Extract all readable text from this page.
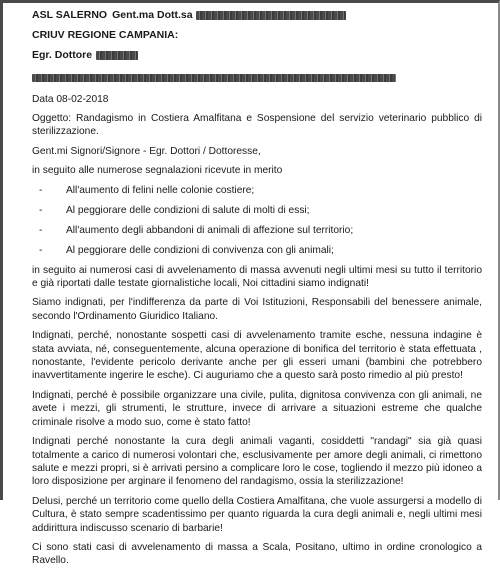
ASL SALERNO Gent.ma Dott.sa
CRIUV REGIONE CAMPANIA:
Egr. Dottore
Data 08-02-2018

Oggetto: Randagismo in Costiera Amalfitana e Sospensione del servizio veterinario pubblico di sterilizzazione.

Gent.mi Signori/Signore - Egr. Dottori / Dottoresse,

in seguito alle numerose segnalazioni ricevute in merito

- All'aumento di felini nelle colonie costiere;
- Al peggiorare delle condizioni di salute di molti di essi;
- All'aumento degli abbandoni di animali di affezione sul territorio;
- Al peggiorare delle condizioni di convivenza con gli animali;

in seguito ai numerosi casi di avvelenamento di massa avvenuti negli ultimi mesi su tutto il territorio e già riportati dalle testate giornalistiche locali, Noi cittadini siamo indignati!

Siamo indignati, per l'indifferenza da parte di Voi Istituzioni, Responsabili del benessere animale, secondo l'Ordinamento Giuridico Italiano.

Indignati, perché, nonostante sospetti casi di avvelenamento tramite esche, nessuna indagine è stata avviata, né, conseguentemente, alcuna operazione di bonifica del territorio è stata effettuata , nonostante, l'evidente pericolo derivante anche per gli esseri umani (bambini che potrebbero inavvertitamente ingerire le esche). Ci auguriamo che a questo sarà posto rimedio al più presto!

Indignati, perché è possibile organizzare una civile, pulita, dignitosa convivenza con gli animali, ne avete i mezzi, gli strumenti, le strutture, invece di arrivare a situazioni estreme che qualche criminale risolve a modo suo, come è stato fatto!

Indignati perché nonostante la cura degli animali vaganti, cosiddetti "randagi" sia già quasi totalmente a carico di numerosi volontari che, esclusivamente per amore degli animali, ci rimettono salute e mezzi propri, si è arrivati persino a complicare loro le cose, togliendo il mezzo più idoneo a loro disposizione per arginare il fenomeno del randagismo, ossia la sterilizzazione!

Delusi, perché un territorio come quello della Costiera Amalfitana, che vuole assurgersi a modello di Cultura, è stato sempre scadentissimo per quanto riguarda la cura degli animali e, negli ultimi mesi addirittura indiscusso scenario di barbarie!

Ci sono stati casi di avvelenamento di massa a Scala, Positano, ultimo in ordine cronologico a Ravello.
